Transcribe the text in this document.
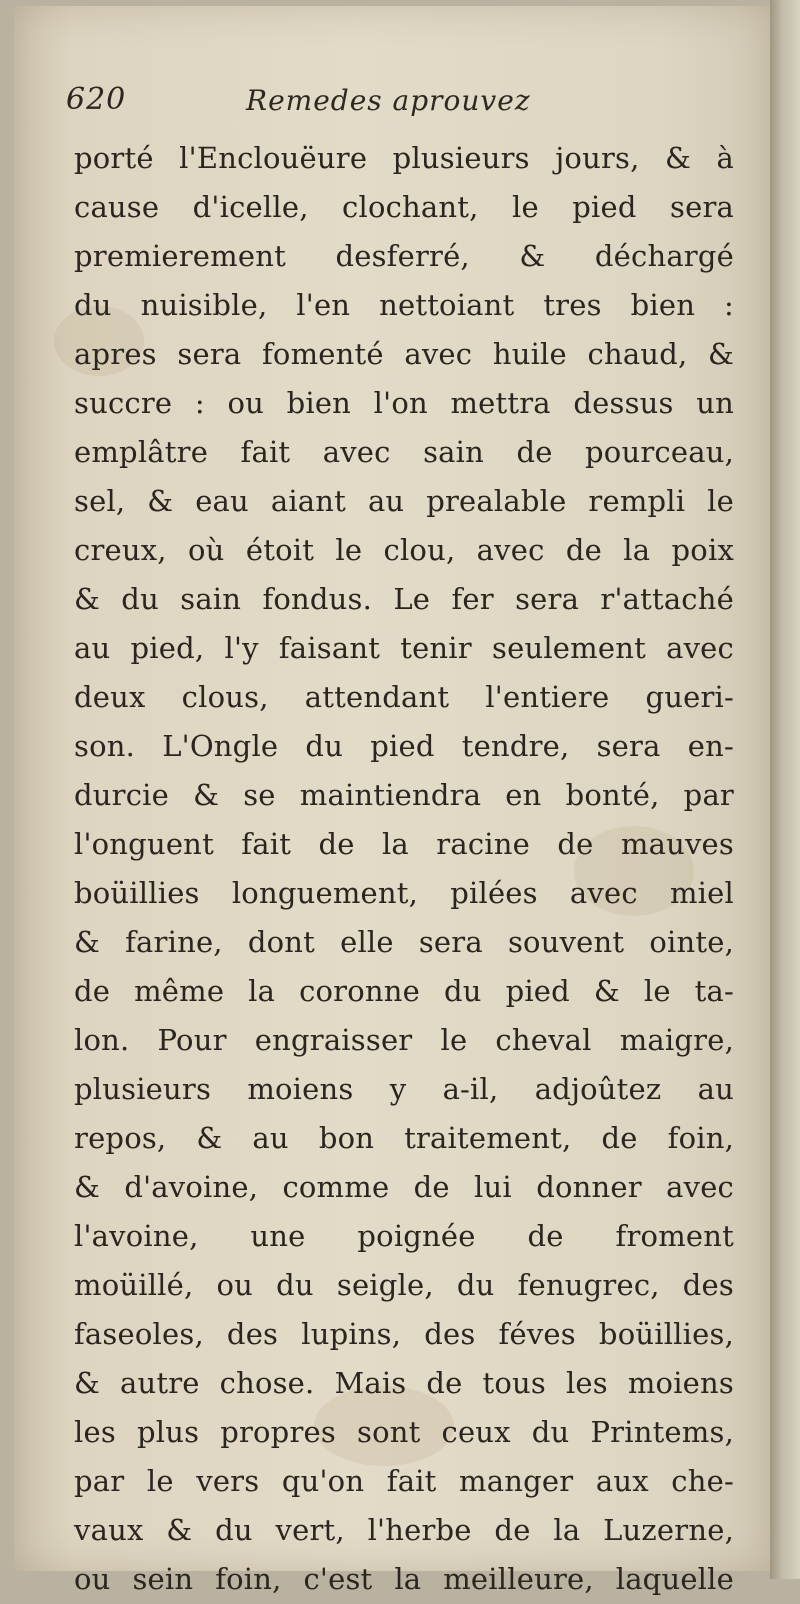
620	Remedes aprouvez
porté l'Enclouëure plusieurs jours, & à
cause d'icelle, clochant, le pied sera
premierement desferré, & déchargé
du nuisible, l'en nettoiant tres bien :
apres sera fomenté avec huile chaud, &
succre : ou bien l'on mettra dessus un
emplâtre fait avec sain de pourceau,
sel, & eau aiant au prealable rempli le
creux, où étoit le clou, avec de la poix
& du sain fondus. Le fer sera r'attaché
au pied, l'y faisant tenir seulement avec
deux clous, attendant l'entiere gueri-
son. L'Ongle du pied tendre, sera en-
durcie & se maintiendra en bonté, par
l'onguent fait de la racine de mauves
boüillies longuement, pilées avec miel
& farine, dont elle sera souvent ointe,
de même la coronne du pied & le ta-
lon. Pour engraisser le cheval maigre,
plusieurs moiens y a-il, adjoûtez au
repos, & au bon traitement, de foin,
& d'avoine, comme de lui donner avec
l'avoine, une poignée de froment
moüillé, ou du seigle, du fenugrec, des
faseoles, des lupins, des féves boüillies,
& autre chose. Mais de tous les moiens
les plus propres sont ceux du Printems,
par le vers qu'on fait manger aux che-
vaux & du vert, l'herbe de la Luzerne,
ou sein foin, c'est la meilleure, laquelle
